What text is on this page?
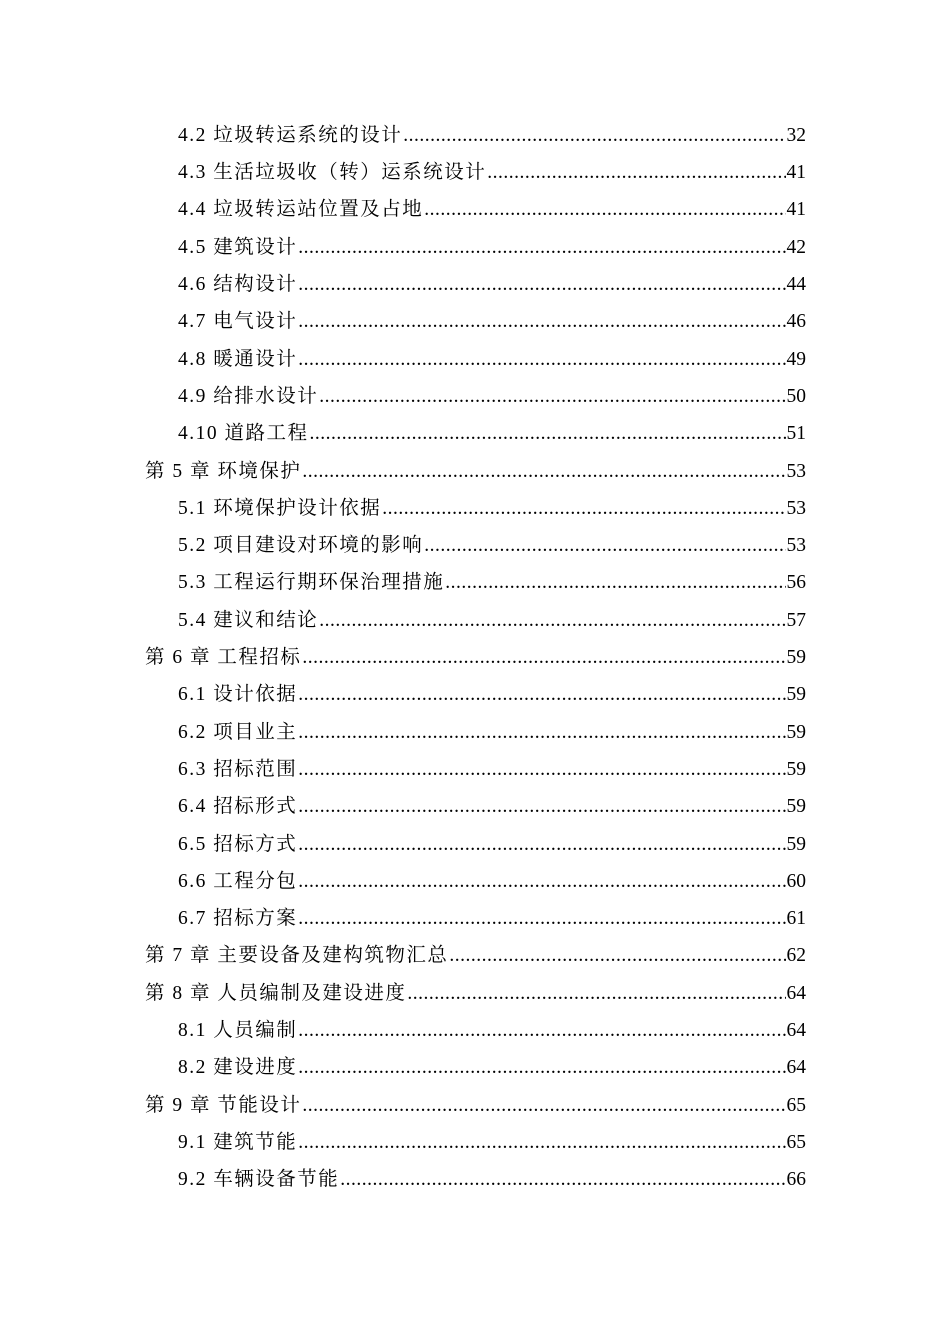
4.2 垃圾转运系统的设计 .....	32
4.3 生活垃圾收（转）运系统设计 .....	41
4.4 垃圾转运站位置及占地 .....	41
4.5 建筑设计 .....	42
4.6 结构设计 .....	44
4.7 电气设计 .....	46
4.8 暖通设计 .....	49
4.9 给排水设计 .....	50
4.10 道路工程 .....	51
第 5 章 环境保护 .....	53
5.1 环境保护设计依据 .....	53
5.2 项目建设对环境的影响 .....	53
5.3 工程运行期环保治理措施 .....	56
5.4 建议和结论 .....	57
第 6 章 工程招标 .....	59
6.1 设计依据 .....	59
6.2 项目业主 .....	59
6.3 招标范围 .....	59
6.4 招标形式 .....	59
6.5 招标方式 .....	59
6.6 工程分包 .....	60
6.7 招标方案 .....	61
第 7 章 主要设备及建构筑物汇总 .....	62
第 8 章 人员编制及建设进度 .....	64
8.1 人员编制 .....	64
8.2 建设进度 .....	64
第 9 章 节能设计 .....	65
9.1 建筑节能 .....	65
9.2 车辆设备节能 .....	66
